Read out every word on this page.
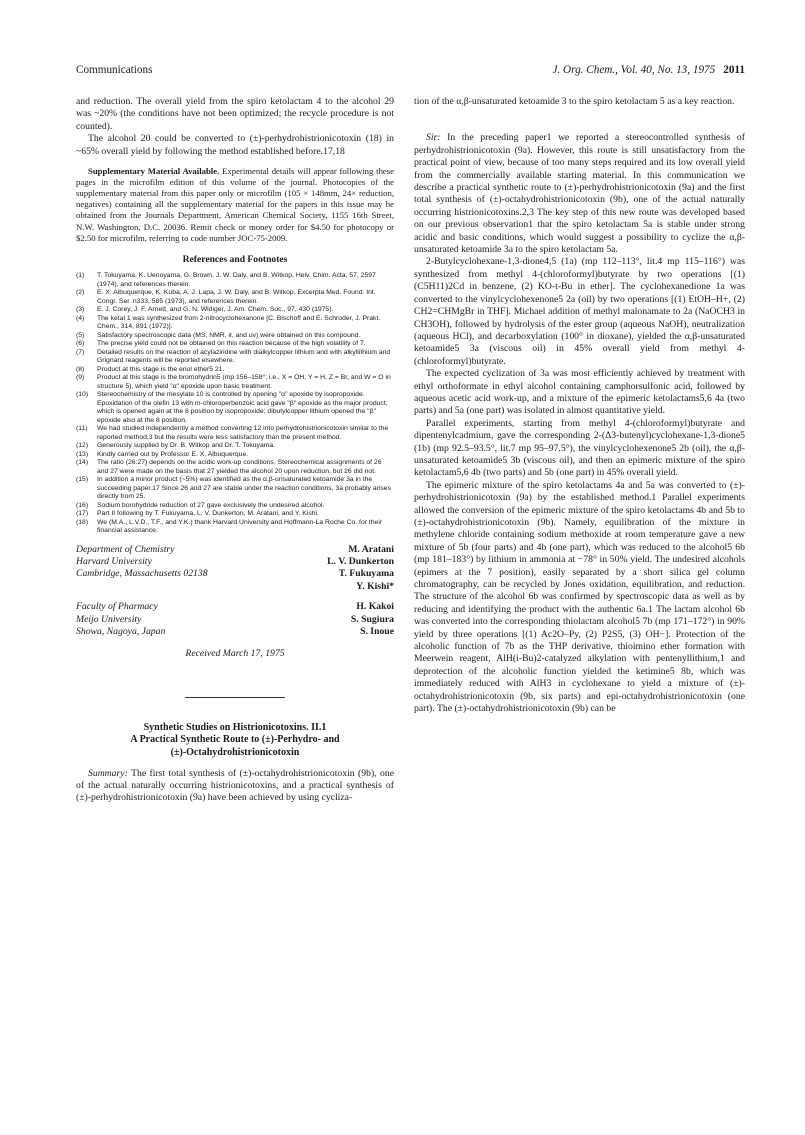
Communications	J. Org. Chem., Vol. 40, No. 13, 1975 2011

and reduction. The overall yield from the spiro ketolactam 4 to the alcohol 29 was ~20% (the conditions have not been optimized; the recycle procedure is not counted).

The alcohol 20 could be converted to (±)-perhydrohistrionicotoxin (18) in ~65% overall yield by following the method established before.17,18

Supplementary Material Available. Experimental details will appear following these pages in the microfilm edition of this volume of the journal. Photocopies of the supplementary material from this paper only or microfilm (105 × 148mm, 24× reduction, negatives) containing all the supplementary material for the papers in this issue may be obtained from the Journals Department, American Chemical Society, 1155 16th Street, N.W. Washington, D.C. 20036. Remit check or money order for $4.50 for photocopy or $2.50 for microfilm, referring to code number JOC-75-2009.

References and Footnotes
(1) T. Tokuyama, K. Uenoyama, G. Brown, J. W. Daly, and B. Witkop, Helv. Chim. Acta, 57, 2597 (1974), and references therein.
(2) E. X. Albuquerque, K. Kuba, A. J. Lapa, J. W. Daly, and B. Witkop, Excerpta Med. Found. Int. Congr. Ser. n333, 585 (1973), and references therein.
(3) E. J. Corey, J. F. Arnett, and G. N. Widiger, J. Am. Chem. Soc., 97, 430 (1975).
(4) The ketal 1 was synthesized from 2-nitrocyclohexanone [C. Bischoff and E. Schroder, J. Prakt. Chem., 314, 891 (1972)].
(5) Satisfactory spectroscopic data (MS, NMR, ir, and uv) were obtained on this compound.
(6) The precise yield could not be obtained on this reaction because of the high volatility of 7.
(7) Detailed results on the reaction of acylaziridine with dialkylcopper lithium and with alkyllithium and Grignard reagents will be reported elsewhere.
(8) Product at this stage is the enol ether5 21.
(9) Product at this stage is the bromohydrin5 (mp 156–158°; i.e., X = OH, Y = H, Z = Br, and W = O in structure 5), which yield "α" epoxide upon basic treatment.
(10) Stereochemistry of the mesylate 10 is controlled by opening "α" epoxide by isopropoxide. Epoxidation of the olefin 13 with m-chloroperbenzoic acid gave "β" epoxide as the major product, which is opened again at the 8 position by isopropoxide; dibutylcopper lithium opened the "β" epoxide also at the 8 position.
(11) We had studied independently a method converting 12 into perhydrohistrionicotoxin similar to the reported method,3 but the results were less satisfactory than the present method.
(12) Generously supplied by Dr. B. Witkop and Dr. T. Tokuyama.
(13) Kindly carried out by Professor E. X. Albuquerque.
(14) The ratio (26:27) depends on the acidic work-up conditions. Stereochemical assignments of 26 and 27 were made on the basis that 27 yielded the alcohol 20 upon reduction, but 26 did not.
(15) In addition a minor product (~5%) was identified as the α,β-unsaturated ketoamide 3a in the succeeding paper.17 Since 26 and 27 are stable under the reaction conditions, 3a probably arises directly from 25.
(16) Sodium borohydride reduction of 27 gave exclusively the undesired alcohol.
(17) Part II following by T. Fukuyama, L. V. Dunkerton, M. Aratani, and Y. Kishi.
(18) We (M.A., L.V.D., T.F., and Y.K.) thank Harvard University and Hoffmann-La Roche Co. for their financial assistance.
Department of Chemistry	M. Aratani
Harvard University	L. V. Dunkerton
Cambridge, Massachusetts 02138	T. Fukuyama
Y. Kishi*
Faculty of Pharmacy	H. Kakoi
Meijo University	S. Sugiura
Showa, Nagoya, Japan	S. Inoue
Received March 17, 1975
Synthetic Studies on Histrionicotoxins. II.1
A Practical Synthetic Route to (±)-Perhydro- and
(±)-Octahydrohistrionicotoxin

Summary: The first total synthesis of (±)-octahydrohistrionicotoxin (9b), one of the actual naturally occurring histrionicotoxins, and a practical synthesis of (±)-perhydrohistrionicotoxin (9a) have been achieved by using cycliza-

tion of the α,β-unsaturated ketoamide 3 to the spiro ketolactam 5 as a key reaction.

Sir: In the preceding paper1 we reported a stereocontrolled synthesis of perhydrohistrionicotoxin (9a). However, this route is still unsatisfactory from the practical point of view, because of too many steps required and its low overall yield from the commercially available starting material. In this communication we describe a practical synthetic route to (±)-perhydrohistrionicotoxin (9a) and the first total synthesis of (±)-octahydrohistrionicotoxin (9b), one of the actual naturally occurring histrionicotoxins.2,3 The key step of this new route was developed based on our previous observation1 that the spiro ketolactam 5a is stable under strong acidic and basic conditions, which would suggest a possibility to cyclize the α,β-unsaturated ketoamide 3a to the spiro ketolactam 5a.

2-Butylcyclohexane-1,3-dione4,5 (1a) (mp 112–113°, lit.4 mp 115–116°) was synthesized from methyl 4-(chloroformyl)butyrate by two operations [(1) (C5H11)2Cd in benzene, (2) KO-t-Bu in ether]. The cyclohexanedione 1a was converted to the vinylcyclohexenone5 2a (oil) by two operations [(1) EtOH–H+, (2) CH2=CHMgBr in THF]. Michael addition of methyl malonamate to 2a (NaOCH3 in CH3OH), followed by hydrolysis of the ester group (aqueous NaOH), neutralization (aqueous HCl), and decarboxylation (100° in dioxane), yielded the α,β-unsaturated ketoamide5 3a (viscous oil) in 45% overall yield from methyl 4-(chloroformyl)butyrate.

The expected cyclization of 3a was most efficiently achieved by treatment with ethyl orthoformate in ethyl alcohol containing camphorsulfonic acid, followed by aqueous acetic acid work-up, and a mixture of the epimeric ketolactams5,6 4a (two parts) and 5a (one part) was isolated in almost quantitative yield.

Parallel experiments, starting from methyl 4-(chloroformyl)butyrate and dipentenylcadmium, gave the corresponding 2-(Δ3-butenyl)cyclohexane-1,3-dione5 (1b) (mp 92.5–93.5°, lit.7 mp 95–97.5°), the vinylcyclohexenone5 2b (oil), the α,β-unsaturated ketoamide5 3b (viscous oil), and then an epimeric mixture of the spiro ketolactam5,6 4b (two parts) and 5b (one part) in 45% overall yield.

The epimeric mixture of the spiro ketolactams 4a and 5a was converted to (±)-perhydrohistrionicotoxin (9a) by the established method.1 Parallel experiments allowed the conversion of the epimeric mixture of the spiro ketolactams 4b and 5b to (±)-octahydrohistrionicotoxin (9b). Namely, equilibration of the mixture in methylene chloride containing sodium methoxide at room temperature gave a new mixture of 5b (four parts) and 4b (one part), which was reduced to the alcohol5 6b (mp 181–183°) by lithium in ammonia at −78° in 50% yield. The undesired alcohols (epimers at the 7 position), easily separated by a short silica gel column chromatography, can be recycled by Jones oxidation, equilibration, and reduction. The structure of the alcohol 6b was confirmed by spectroscopic data as well as by reducing and identifying the product with the authentic 6a.1 The lactam alcohol 6b was converted into the corresponding thiolactam alcohol5 7b (mp 171–172°) in 90% yield by three operations [(1) Ac2O–Py, (2) P2S5, (3) OH−]. Protection of the alcoholic function of 7b as the THP derivative, thioimino ether formation with Meerwein reagent, AlH(i-Bu)2-catalyzed alkylation with pentenyllithium,1 and deprotection of the alcoholic function yielded the ketimine5 8b, which was immediately reduced with AlH3 in cyclohexane to yield a mixture of (±)-octahydrohistrionicotoxin (9b, six parts) and epi-octahydrohistrionicotoxin (one part). The (±)-octahydrohistrionicotoxin (9b) can be
